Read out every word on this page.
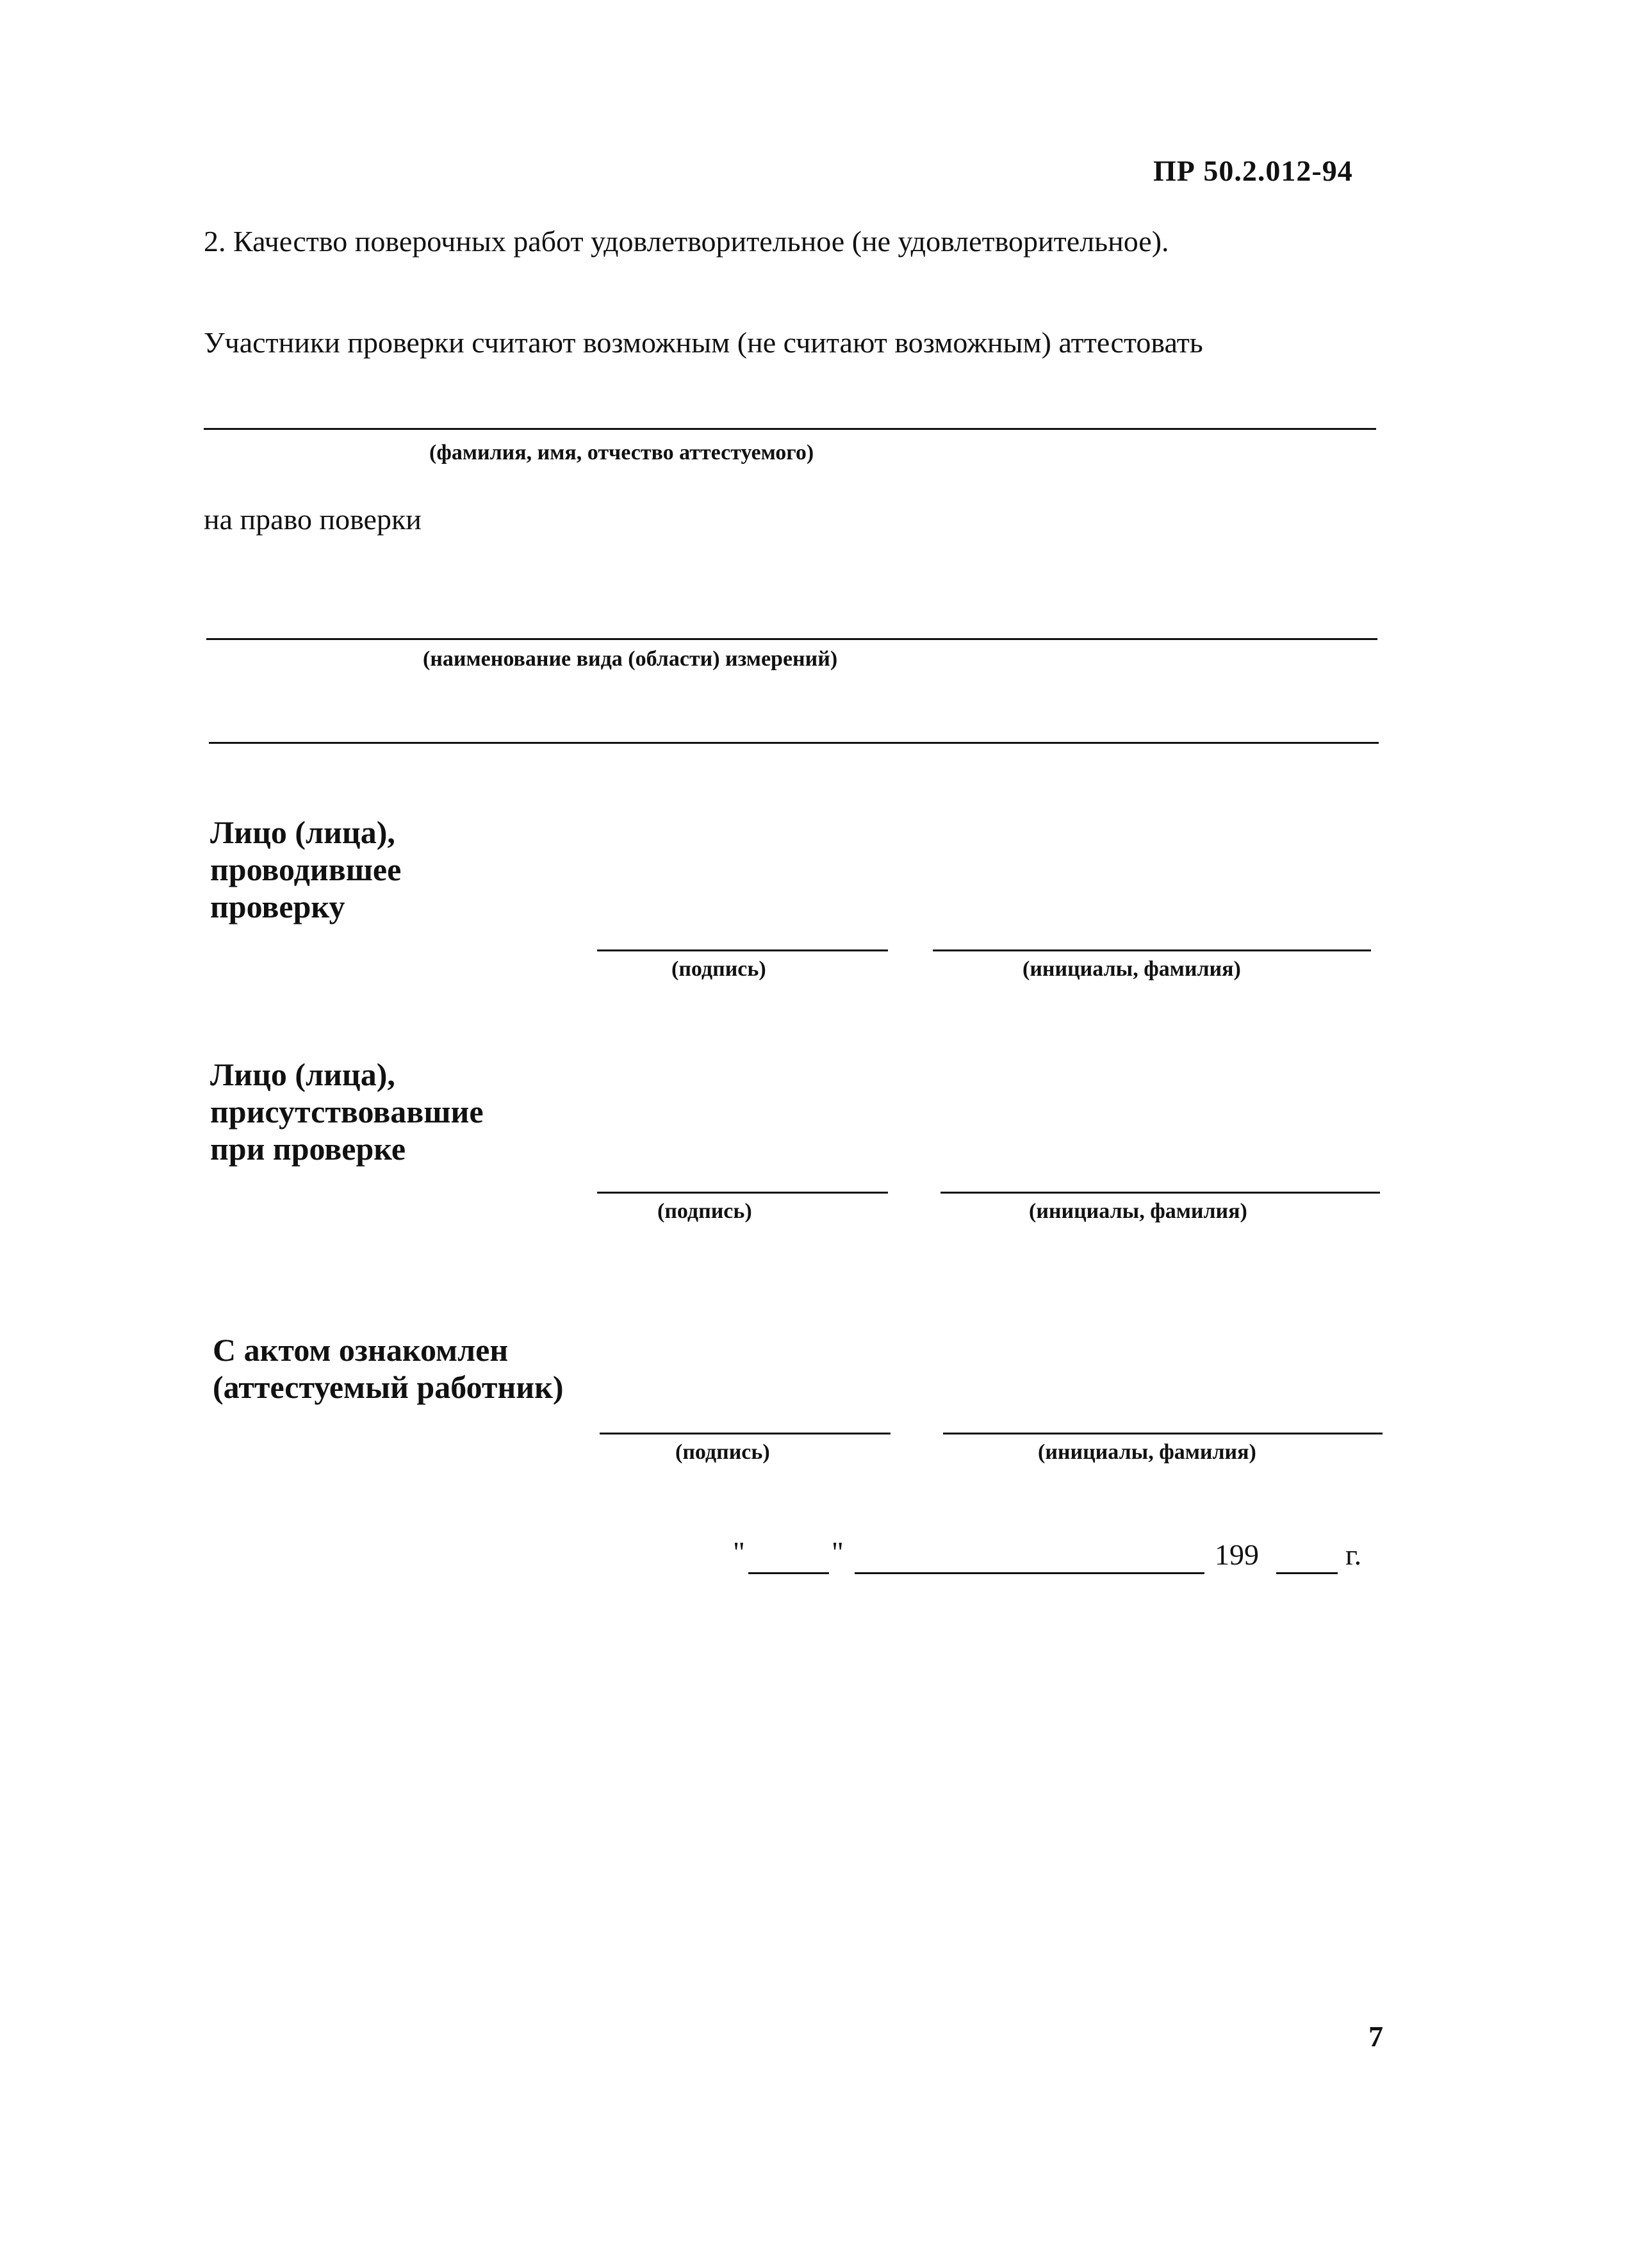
ПР 50.2.012-94
2. Качество поверочных работ удовлетворительное (не удовлетворительное).
Участники проверки считают возможным (не считают возможным) аттестовать
(фамилия, имя, отчество аттестуемого)
на право поверки
(наименование вида (области) измерений)
Лицо (лица),
проводившее
проверку
(подпись)	(инициалы, фамилия)
Лицо (лица),
присутствовавшие
при проверке
(подпись)	(инициалы, фамилия)
С актом ознакомлен
(аттестуемый работник)
(подпись)	(инициалы, фамилия)
"	"	199	г.
7
